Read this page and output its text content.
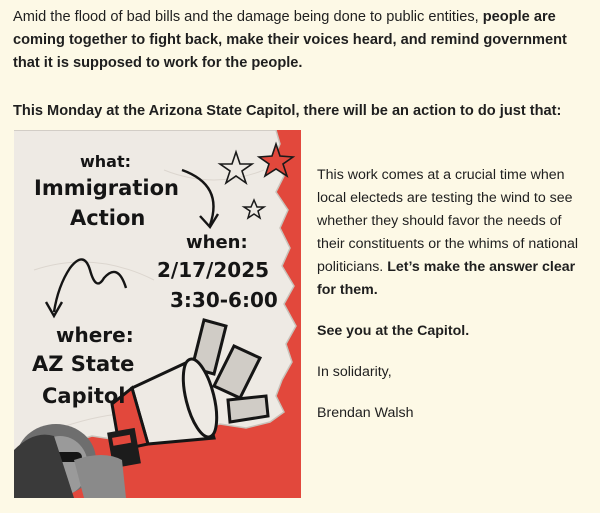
Amid the flood of bad bills and the damage being done to public entities, people are coming together to fight back, make their voices heard, and remind government that it is supposed to work for the people.

This Monday at the Arizona State Capitol, there will be an action to do just that:

what:

Immigration

Action

when:

2/17/2025

3:30-6:00

where:

AZ State

Capitol

This work comes at a crucial time when local electeds are testing the wind to see whether they should favor the needs of their constituents or the whims of national politicians. Let’s make the answer clear for them.

See you at the Capitol.

In solidarity,

Brendan Walsh
